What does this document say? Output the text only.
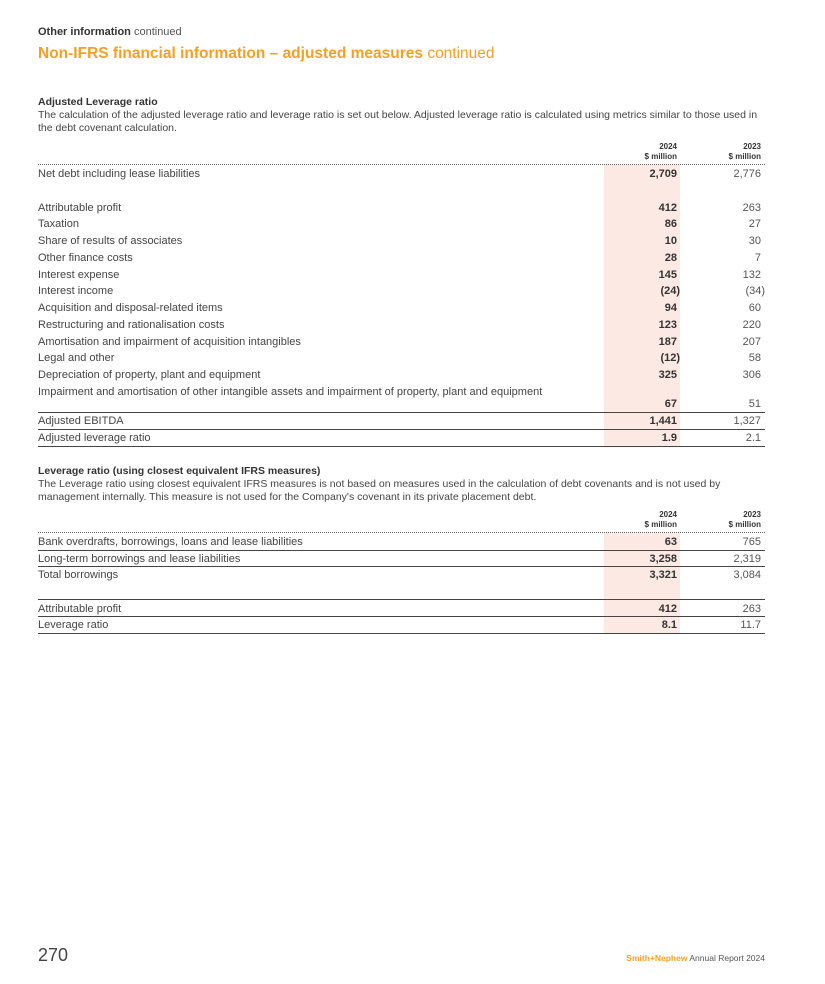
Other information continued
Non-IFRS financial information – adjusted measures continued
Adjusted Leverage ratio
The calculation of the adjusted leverage ratio and leverage ratio is set out below. Adjusted leverage ratio is calculated using metrics similar to those used in the debt covenant calculation.
2024
$ million
2023
$ million
Net debt including lease liabilities	2,709	2,776
Attributable profit	412	263
Taxation	86	27
Share of results of associates	10	30
Other finance costs	28	7
Interest expense	145	132
Interest income	(24)	(34)
Acquisition and disposal-related items	94	60
Restructuring and rationalisation costs	123	220
Amortisation and impairment of acquisition intangibles	187	207
Legal and other	(12)	58
Depreciation of property, plant and equipment	325	306
Impairment and amortisation of other intangible assets and impairment of property, plant and equipment
67	51
Adjusted EBITDA	1,441	1,327
Adjusted leverage ratio	1.9	2.1
Leverage ratio (using closest equivalent IFRS measures)
The Leverage ratio using closest equivalent IFRS measures is not based on measures used in the calculation of debt covenants and is not used by management internally. This measure is not used for the Company's covenant in its private placement debt.
2024
$ million
2023
$ million
Bank overdrafts, borrowings, loans and lease liabilities	63	765
Long-term borrowings and lease liabilities	3,258	2,319
Total borrowings	3,321	3,084
Attributable profit	412	263
Leverage ratio	8.1	11.7
270	Smith+Nephew Annual Report 2024
